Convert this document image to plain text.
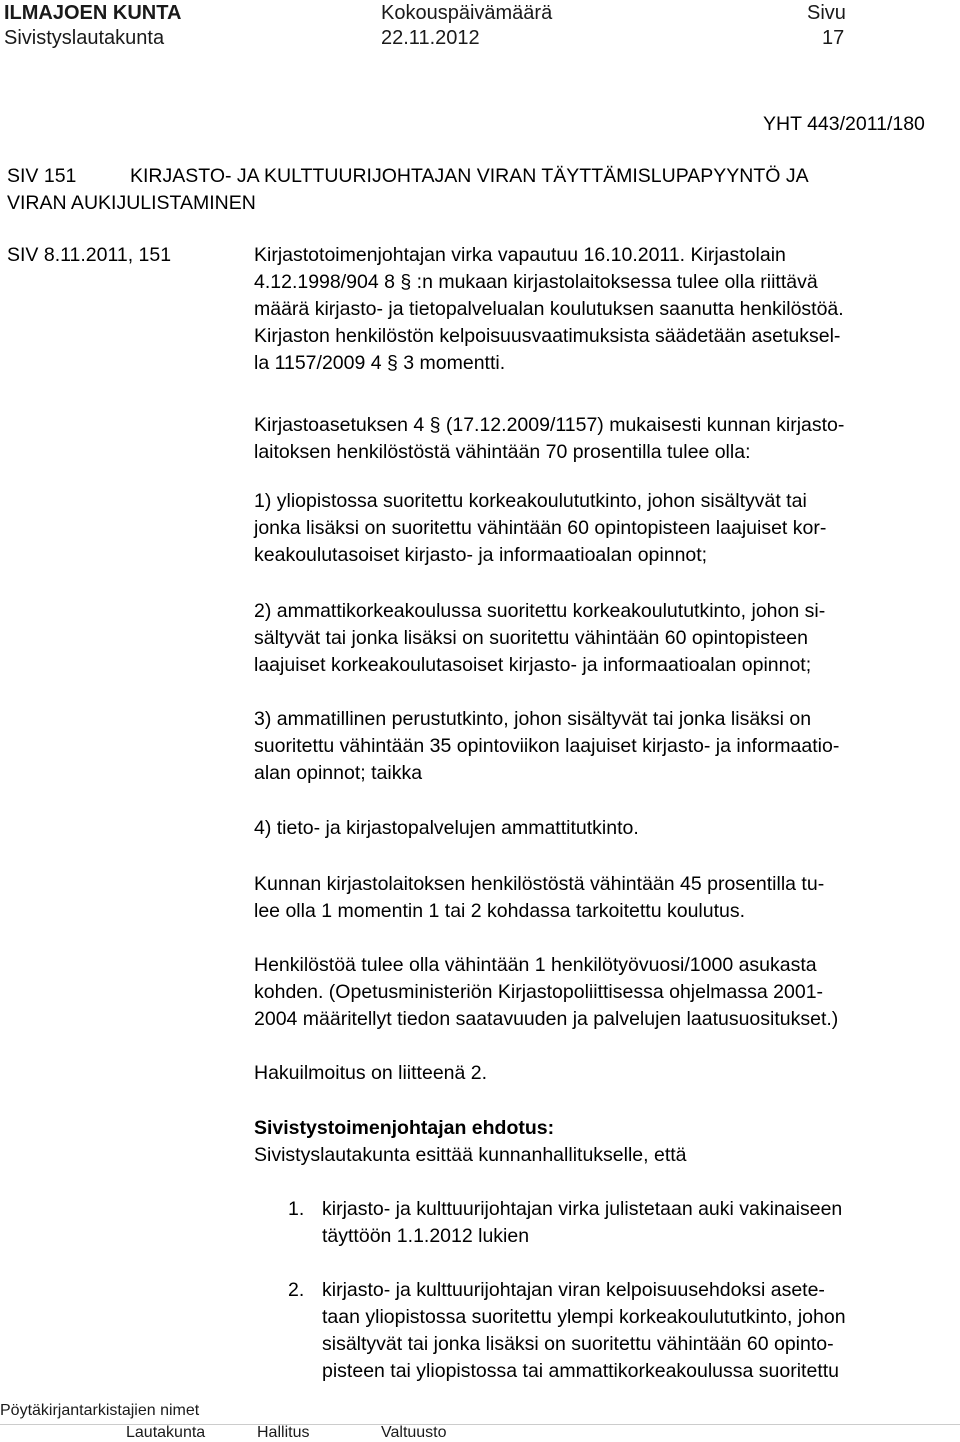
ILMAJOEN KUNTA
Sivistyslautakunta
Kokouspäivämäärä
22.11.2012
Sivu
17
YHT 443/2011/180
SIV 151	KIRJASTO- JA KULTTUURIJOHTAJAN VIRAN TÄYTTÄMISLUPAPYYNTÖ JA
VIRAN AUKIJULISTAMINEN
SIV 8.11.2011, 151	Kirjastotoimenjohtajan virka vapautuu 16.10.2011. Kirjastolain
4.12.1998/904 8 § :n mukaan kirjastolaitoksessa tulee olla riittävä
määrä kirjasto- ja tietopalvelualan koulutuksen saanutta henkilöstöä.
Kirjaston henkilöstön kelpoisuusvaatimuksista säädetään asetuksel-
la 1157/2009 4 § 3 momentti.
Kirjastoasetuksen 4 § (17.12.2009/1157) mukaisesti kunnan kirjasto-
laitoksen henkilöstöstä vähintään 70 prosentilla tulee olla:
1) yliopistossa suoritettu korkeakoulututkinto, johon sisältyvät tai
jonka lisäksi on suoritettu vähintään 60 opintopisteen laajuiset kor-
keakoulutasoiset kirjasto- ja informaatioalan opinnot;
2) ammattikorkeakoulussa suoritettu korkeakoulututkinto, johon si-
sältyvät tai jonka lisäksi on suoritettu vähintään 60 opintopisteen
laajuiset korkeakoulutasoiset kirjasto- ja informaatioalan opinnot;
3) ammatillinen perustutkinto, johon sisältyvät tai jonka lisäksi on
suoritettu vähintään 35 opintoviikon laajuiset kirjasto- ja informaatio-
alan opinnot; taikka
4) tieto- ja kirjastopalvelujen ammattitutkinto.
Kunnan kirjastolaitoksen henkilöstöstä vähintään 45 prosentilla tu-
lee olla 1 momentin 1 tai 2 kohdassa tarkoitettu koulutus.
Henkilöstöä tulee olla vähintään 1 henkilötyövuosi/1000 asukasta
kohden. (Opetusministeriön Kirjastopoliittisessa ohjelmassa 2001-
2004 määritellyt tiedon saatavuuden ja palvelujen laatusuositukset.)
Hakuilmoitus on liitteenä 2.
Sivistystoimenjohtajan ehdotus:
Sivistyslautakunta esittää kunnanhallitukselle, että
1. kirjasto- ja kulttuurijohtajan virka julistetaan auki vakinaiseen
täyttöön 1.1.2012 lukien
2. kirjasto- ja kulttuurijohtajan viran kelpoisuusehdoksi asete-
taan yliopistossa suoritettu ylempi korkeakoulututkinto, johon
sisältyvät tai jonka lisäksi on suoritettu vähintään 60 opinto-
pisteen tai yliopistossa tai ammattikorkeakoulussa suoritettu
Pöytäkirjantarkistajien nimet
Lautakunta	Hallitus	Valtuusto
